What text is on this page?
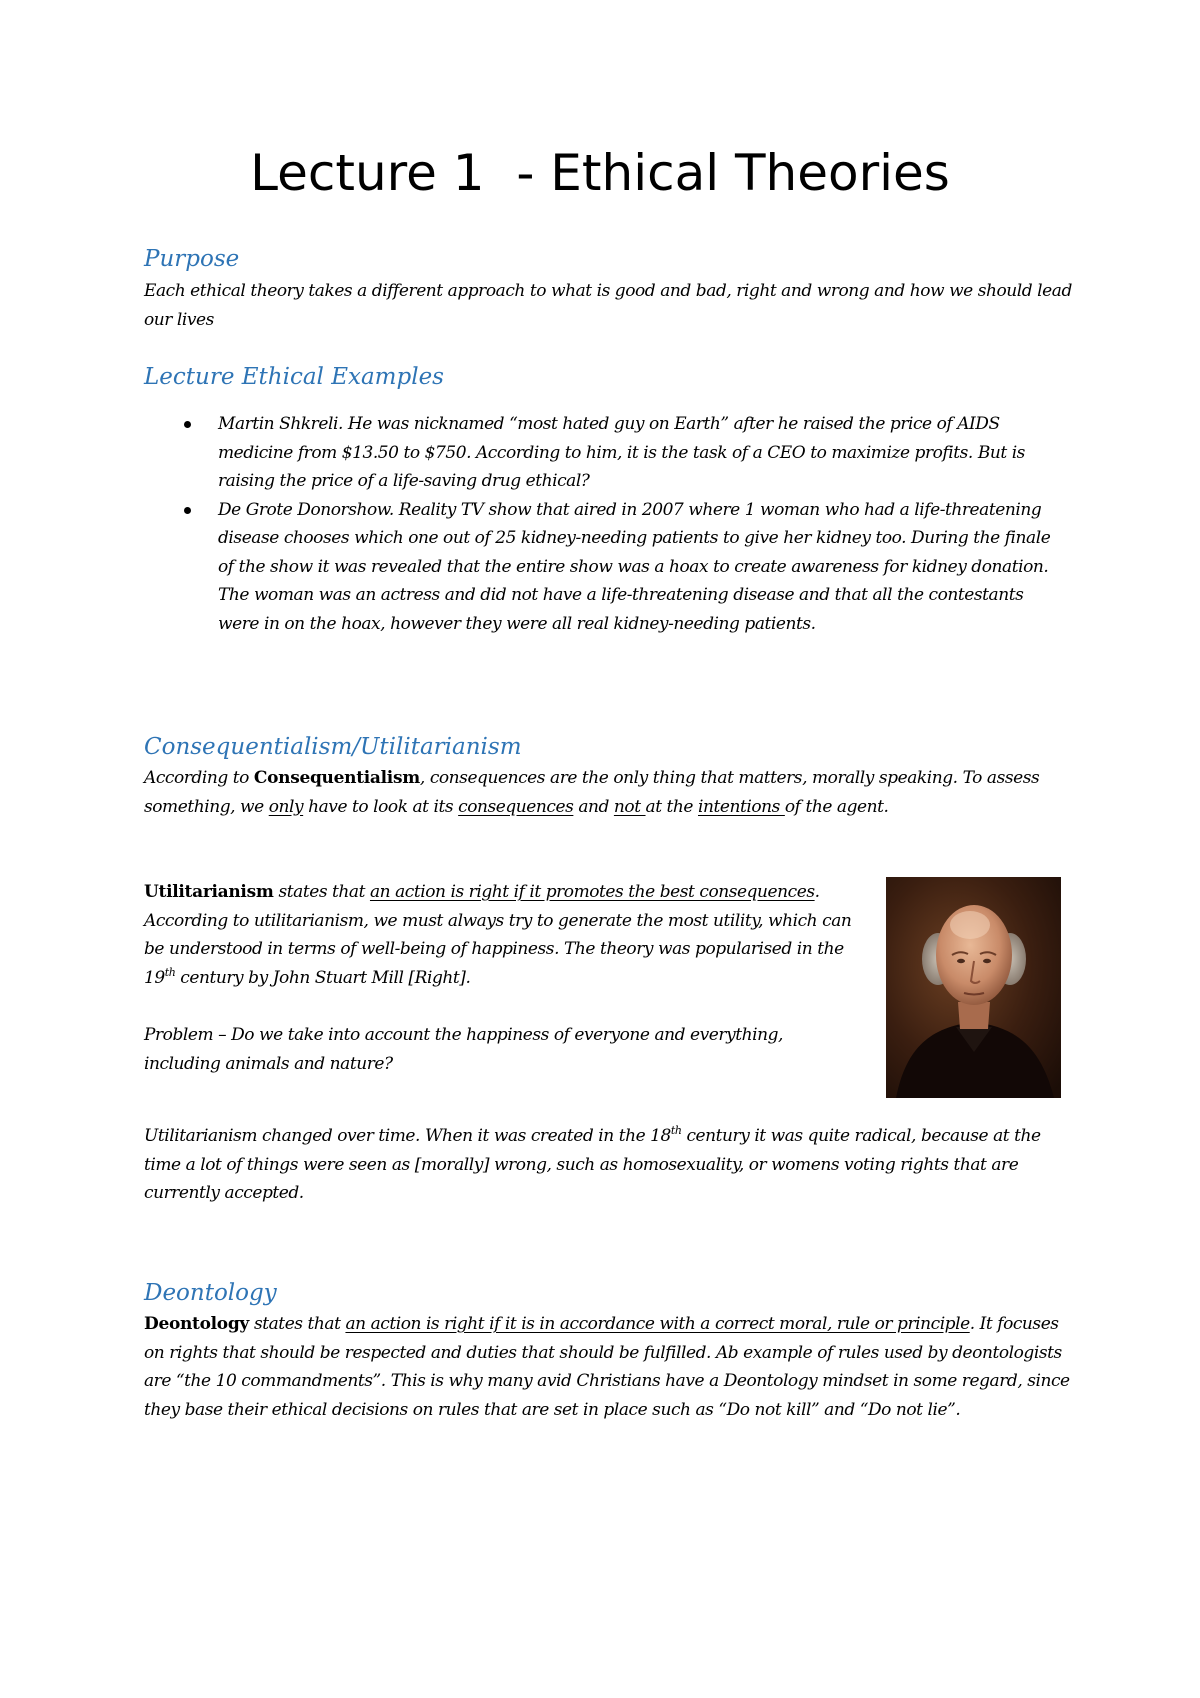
Lecture 1  - Ethical Theories
Purpose

Each ethical theory takes a different approach to what is good and bad, right and wrong and how we should lead our lives

Lecture Ethical Examples
Martin Shkreli. He was nicknamed “most hated guy on Earth” after he raised the price of AIDS medicine from $13.50 to $750. According to him, it is the task of a CEO to maximize profits. But is raising the price of a life-saving drug ethical?
De Grote Donorshow. Reality TV show that aired in 2007 where 1 woman who had a life-threatening disease chooses which one out of 25 kidney-needing patients to give her kidney too. During the finale of the show it was revealed that the entire show was a hoax to create awareness for kidney donation. The woman was an actress and did not have a life-threatening disease and that all the contestants were in on the hoax, however they were all real kidney-needing patients.
Consequentialism/Utilitarianism

According to Consequentialism, consequences are the only thing that matters, morally speaking. To assess something, we only have to look at its consequences and not at the intentions of the agent.

Utilitarianism states that an action is right if it promotes the best consequences. According to utilitarianism, we must always try to generate the most utility, which can be understood in terms of well-being of happiness. The theory was popularised in the 19th century by John Stuart Mill [Right].

Problem – Do we take into account the happiness of everyone and everything, including animals and nature?

Utilitarianism changed over time. When it was created in the 18th century it was quite radical, because at the time a lot of things were seen as [morally] wrong, such as homosexuality, or womens voting rights that are currently accepted.

Deontology

Deontology states that an action is right if it is in accordance with a correct moral, rule or principle. It focuses on rights that should be respected and duties that should be fulfilled. Ab example of rules used by deontologists are “the 10 commandments”. This is why many avid Christians have a Deontology mindset in some regard, since they base their ethical decisions on rules that are set in place such as “Do not kill” and “Do not lie”.
